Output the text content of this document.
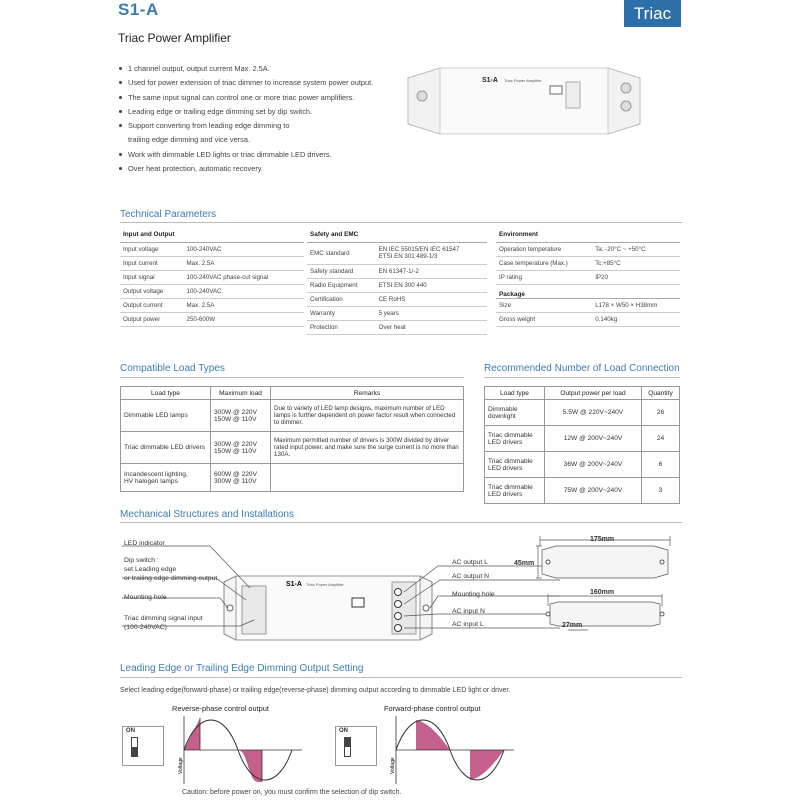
S1-A	Triac
Triac Power Amplifier
1 channel output, output current Max. 2.5A.
Used for power extension of triac dimmer to increase system power output.
The same input signal can control one or more triac power amplifiers.
Leading edge or trailing edge dimming set by dip switch.
Support converting from leading edge dimming to
trailing edge dimming and vice versa.
Work with dimmable LED lights or triac dimmable LED drivers.
Over heat protection, automatic recovery.
S1-A Triac Power Amplifier
Technical Parameters
Input and Output	
Input voltage	100-240VAC
Input current	Max. 2.5A
Input signal	100-240VAC phase-cut signal
Output voltage	100-240VAC
Output current	Max. 2.5A
Output power	250-600W
Safety and EMC	
EMC standard	EN IEC 55015/EN IEC 61547
ETSI EN 301 489-1/3
Safety standard	EN 61347-1/-2
Radio Equipment	ETSI EN 300 440
Certification	CE RoHS
Warranty	5 years
Protection	Over heat
Environment	
Operation temperature	Ta: -20°C ~ +50°C
Case temperature (Max.)	Tc:+85°C
IP rating	IP20
Package	
Size	L178 × W50 × H38mm
Gross weight	0.140kg
Compatible Load Types
Load type	Maximum load	Remarks
Dimmable LED lamps	300W @ 220V
150W @ 110V	Due to variety of LED lamp designs, maximum number of LED lamps is further dependent on power factor result when connected to dimmer.
Triac dimmable LED drivers	300W @ 220V
150W @ 110V	Maximum permitted number of drivers is 300W divided by driver rated input power, and make sure the surge current is no more than 130A.
Incandescent lighting,
HV halogen lamps	600W @ 220V
300W @ 110V	
Recommended Number of Load Connection
Load type	Output power per load	Quantity
Dimmable
downlight	5.5W @ 220V~240V	26
Triac dimmable
LED drivers	12W @ 200V~240V	24
Triac dimmable
LED drivers	36W @ 200V~240V	6
Triac dimmable
LED drivers	75W @ 200V~240V	3
Mechanical Structures and Installations
LED indicator
Dip switch :
set Leading edge
or trailing edge dimming output
Mounting hole
Triac dimming signal input
(100-240VAC)
S1-A Triac Power Amplifier
AC output L
AC output N
Mounting hole
AC input N
AC input L
175mm
45mm
160mm
27mm
Leading Edge or Trailing Edge Dimming Output Setting
Select leading edge(forward-phase) or trailing edge(reverse-phase) dimming output according to dimmable LED light or driver.
Reverse-phase control output	Forward-phase control output
ON	ON
Voltage	Voltage
Caution: before power on, you must confirm the selection of dip switch.
